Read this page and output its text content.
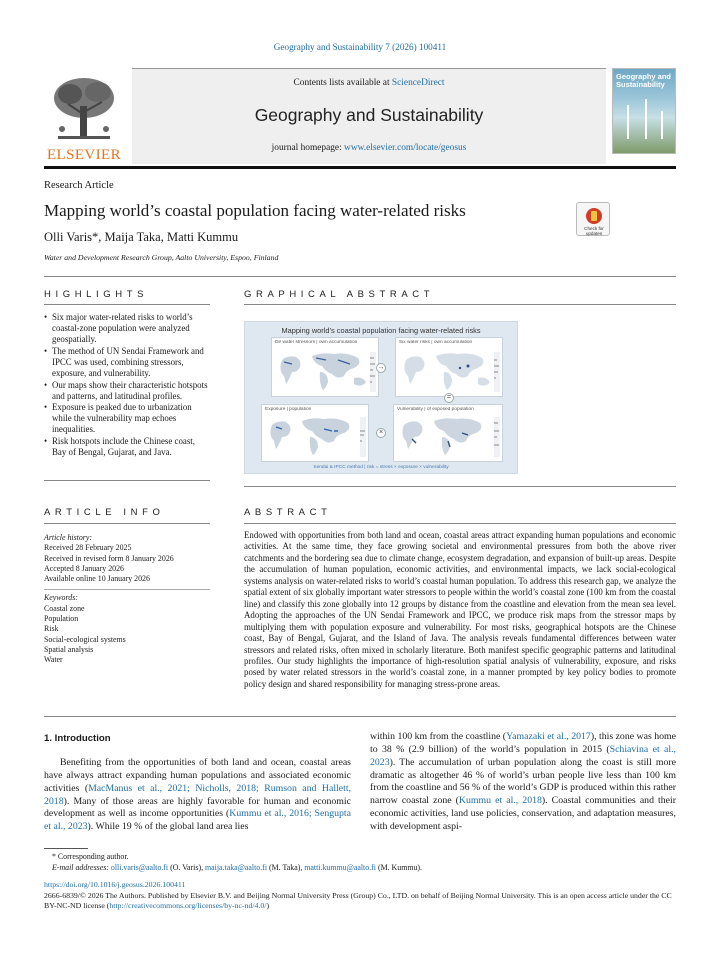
Geography and Sustainability 7 (2026) 100411
ELSEVIER
Contents lists available at ScienceDirect
Geography and Sustainability
journal homepage: www.elsevier.com/locate/geosus
Geography and Sustainability
Research Article
Mapping world’s coastal population facing water-related risks
Check for
updates
Olli Varis*, Maija Taka, Matti Kummu
Water and Development Research Group, Aalto University, Espoo, Finland
HIGHLIGHTS
• Six major water-related risks to world’s coastal-zone population were analyzed geospatially.
• The method of UN Sendai Framework and IPCC was used, combining stressors, exposure, and vulnerability.
• Our maps show their characteristic hotspots and patterns, and latitudinal profiles.
• Exposure is peaked due to urbanization while the vulnerability map echoes inequalities.
• Risk hotspots include the Chinese coast, Bay of Bengal, Gujarat, and Java.
GRAPHICAL ABSTRACT
Mapping world’s coastal population facing water-related risks
Dir water stressors | own accumulation
→
Six water risks | own accumulation
=
Exposure | population
×
Vulnerability | of exposed population
Sendai & IPCC method | risk = stress × exposure × vulnerability
ARTICLE INFO
Article history:
Received 28 February 2025
Received in revised form 8 January 2026
Accepted 8 January 2026
Available online 10 January 2026
Keywords:
Coastal zone
Population
Risk
Social-ecological systems
Spatial analysis
Water
ABSTRACT
Endowed with opportunities from both land and ocean, coastal areas attract expanding human populations and economic activities. At the same time, they face growing societal and environmental pressures from both the above river catchments and the bordering sea due to climate change, ecosystem degradation, and expansion of built-up areas. Despite the accumulation of human population, economic activities, and environmental impacts, we lack social-ecological systems analysis on water-related risks to world’s coastal human population. To address this research gap, we analyze the spatial extent of six globally important water stressors to people within the world’s coastal zone (100 km from the coastal line) and classify this zone globally into 12 groups by distance from the coastline and elevation from the mean sea level. Adopting the approaches of the UN Sendai Framework and IPCC, we produce risk maps from the stressor maps by multiplying them with population exposure and vulnerability. For most risks, geographical hotspots are the Chinese coast, Bay of Bengal, Gujarat, and the Island of Java. The analysis reveals fundamental differences between water stressors and related risks, often mixed in scholarly literature. Both manifest specific geographic patterns and latitudinal profiles. Our study highlights the importance of high-resolution spatial analysis of vulnerability, exposure, and risks posed by water related stressors in the world’s coastal zone, in a manner prompted by key policy bodies to promote policy design and shared responsibility for managing stress-prone areas.
1. Introduction
Benefiting from the opportunities of both land and ocean, coastal areas have always attract expanding human populations and associated economic activities (MacManus et al., 2021; Nicholls, 2018; Rumson and Hallett, 2018). Many of those areas are highly favorable for human and economic development as well as income opportunities (Kummu et al., 2016; Sengupta et al., 2023). While 19 % of the global land area lies
within 100 km from the coastline (Yamazaki et al., 2017), this zone was home to 38 % (2.9 billion) of the world’s population in 2015 (Schiavina et al., 2023). The accumulation of urban population along the coast is still more dramatic as altogether 46 % of world’s urban people live less than 100 km from the coastline and 56 % of the world’s GDP is produced within this rather narrow coastal zone (Kummu et al., 2018). Coastal communities and their economic activities, land use policies, conservation, and adaptation measures, with development aspi-
* Corresponding author.
E-mail addresses: olli.varis@aalto.fi (O. Varis), maija.taka@aalto.fi (M. Taka), matti.kummu@aalto.fi (M. Kummu).
https://doi.org/10.1016/j.geosus.2026.100411
2666-6839/© 2026 The Authors. Published by Elsevier B.V. and Beijing Normal University Press (Group) Co., LTD. on behalf of Beijing Normal University. This is an open access article under the CC BY-NC-ND license (http://creativecommons.org/licenses/by-nc-nd/4.0/)
